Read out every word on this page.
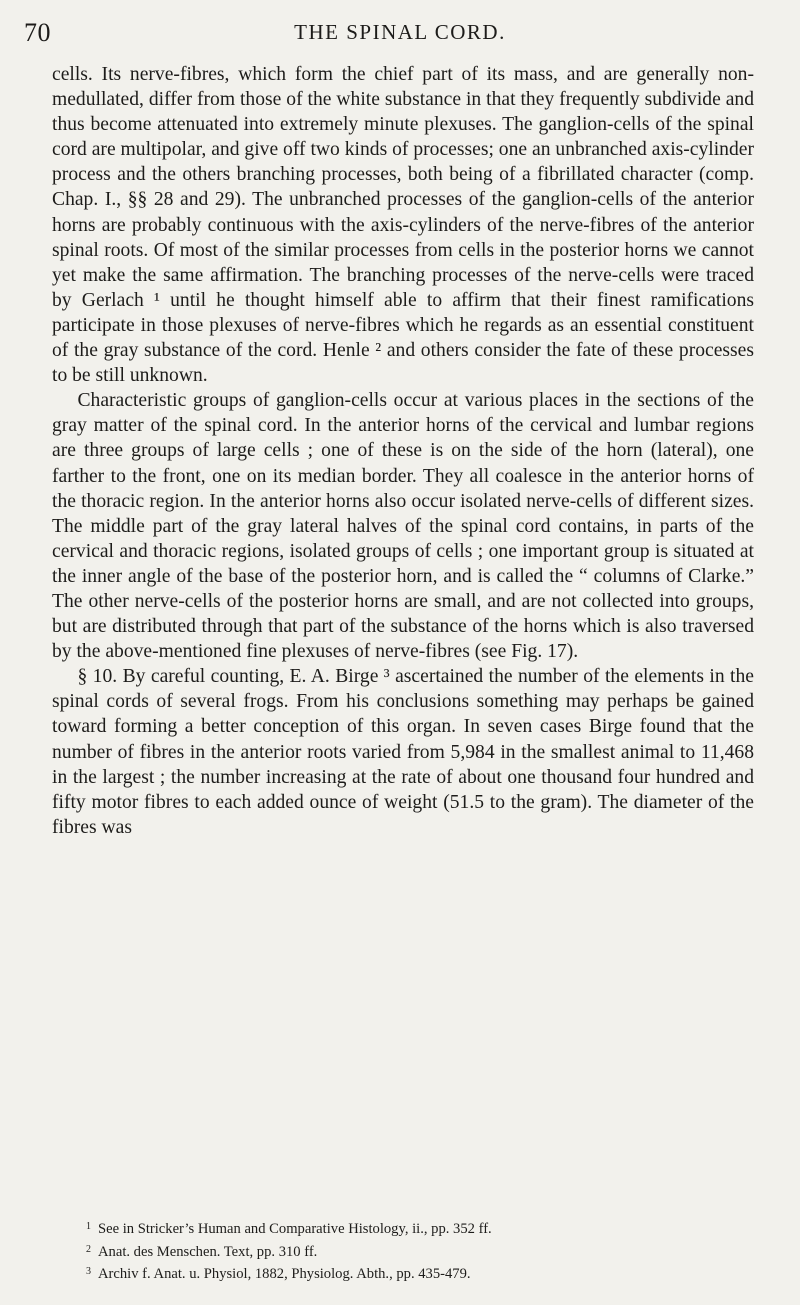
70	THE SPINAL CORD.

cells. Its nerve-fibres, which form the chief part of its mass, and are generally non-medullated, differ from those of the white substance in that they frequently subdivide and thus become attenuated into extremely minute plexuses. The ganglion-cells of the spinal cord are multipolar, and give off two kinds of processes; one an unbranched axis-cylinder process and the others branching processes, both being of a fibrillated character (comp. Chap. I., §§ 28 and 29). The unbranched processes of the ganglion-cells of the anterior horns are probably continuous with the axis-cylinders of the nerve-fibres of the anterior spinal roots. Of most of the similar processes from cells in the posterior horns we cannot yet make the same affirmation. The branching processes of the nerve-cells were traced by Gerlach ¹ until he thought himself able to affirm that their finest ramifications participate in those plexuses of nerve-fibres which he regards as an essential constituent of the gray substance of the cord. Henle ² and others consider the fate of these processes to be still unknown.

Characteristic groups of ganglion-cells occur at various places in the sections of the gray matter of the spinal cord. In the anterior horns of the cervical and lumbar regions are three groups of large cells ; one of these is on the side of the horn (lateral), one farther to the front, one on its median border. They all coalesce in the anterior horns of the thoracic region. In the anterior horns also occur isolated nerve-cells of different sizes. The middle part of the gray lateral halves of the spinal cord contains, in parts of the cervical and thoracic regions, isolated groups of cells ; one important group is situated at the inner angle of the base of the posterior horn, and is called the “ columns of Clarke.” The other nerve-cells of the posterior horns are small, and are not collected into groups, but are distributed through that part of the substance of the horns which is also traversed by the above-mentioned fine plexuses of nerve-fibres (see Fig. 17).

§ 10. By careful counting, E. A. Birge ³ ascertained the number of the elements in the spinal cords of several frogs. From his conclusions something may perhaps be gained toward forming a better conception of this organ. In seven cases Birge found that the number of fibres in the anterior roots varied from 5,984 in the smallest animal to 11,468 in the largest ; the number increasing at the rate of about one thousand four hundred and fifty motor fibres to each added ounce of weight (51.5 to the gram). The diameter of the fibres was

1 See in Stricker’s Human and Comparative Histology, ii., pp. 352 ff.

2 Anat. des Menschen. Text, pp. 310 ff.

3 Archiv f. Anat. u. Physiol, 1882, Physiolog. Abth., pp. 435-479.
